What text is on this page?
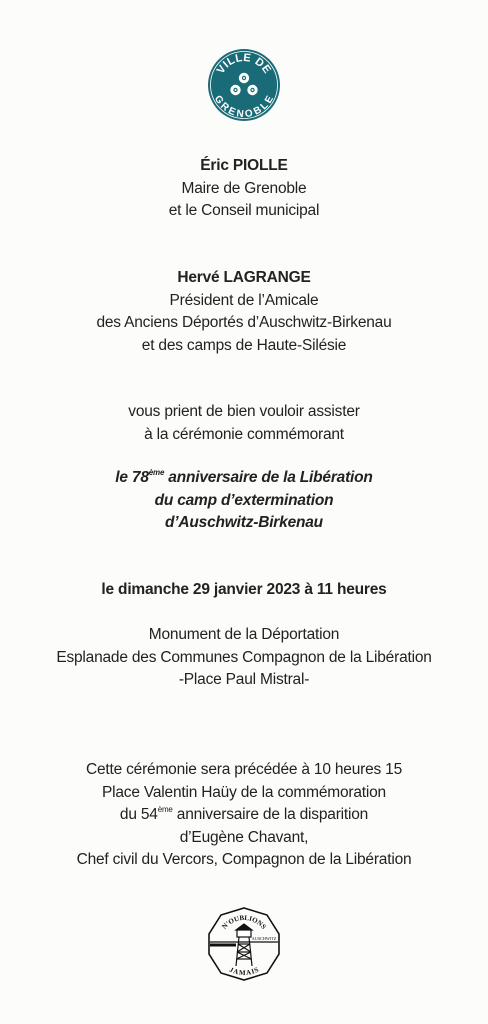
VILLE DE
GRENOBLE
Éric PIOLLE
Maire de Grenoble
et le Conseil municipal
Hervé LAGRANGE
Président de l’Amicale
des Anciens Déportés d’Auschwitz-Birkenau
et des camps de Haute-Silésie
vous prient de bien vouloir assister
à la cérémonie commémorant
le 78ème anniversaire de la Libération
du camp d’extermination
d’Auschwitz-Birkenau
le dimanche 29 janvier 2023 à 11 heures
Monument de la Déportation
Esplanade des Communes Compagnon de la Libération
-Place Paul Mistral-
Cette cérémonie sera précédée à 10 heures 15
Place Valentin Haüy de la commémoration
du 54ème anniversaire de la disparition
d’Eugène Chavant,
Chef civil du Vercors, Compagnon de la Libération
N'OUBLIONS
JAMAIS
AUSCHWITZ
